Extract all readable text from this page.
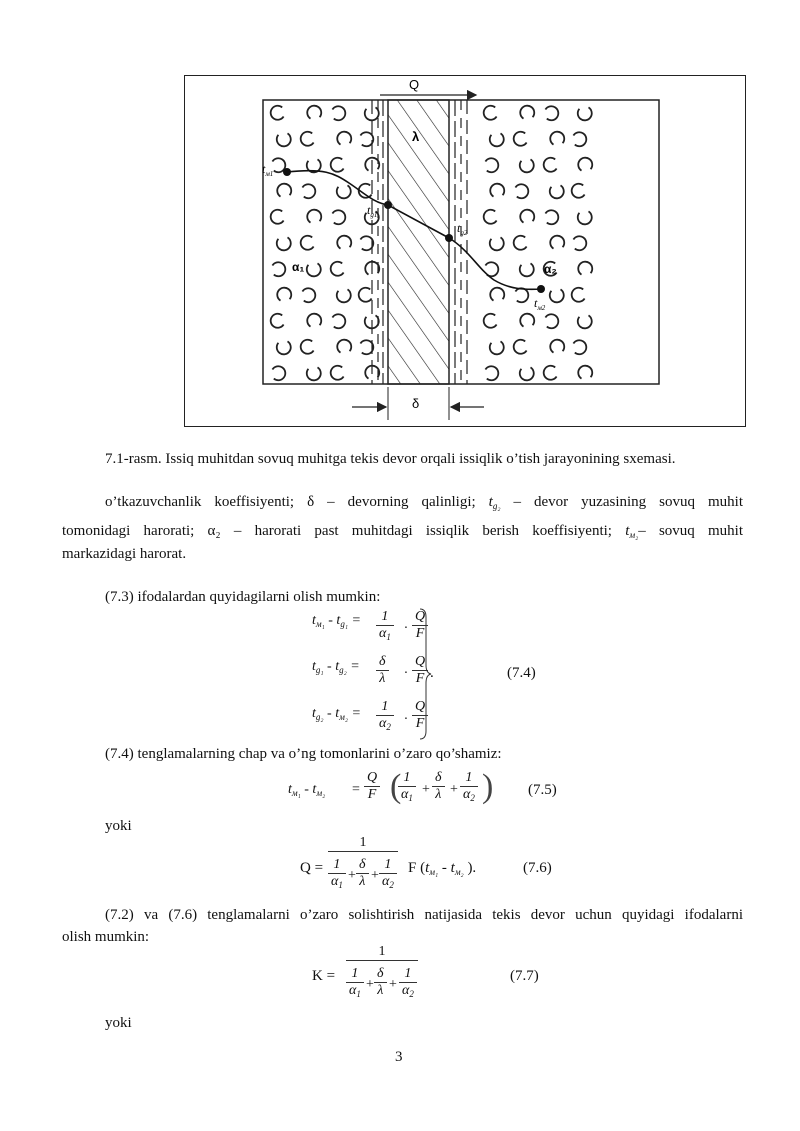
Q
λ
α₁	α₂
$t_{м1}$
$t_{g1}$
$t_{g2}$
$t_{м2}$
δ
7.1-rasm. Issiq muhitdan sovuq muhitga tekis devor orqali issiqlik o’tish jarayonining sxemasi.
o’tkazuvchanlik koeffisiyenti; δ – devorning qalinligi; $t_{g_2}$ – devor yuzasining sovuq muhit
tomonidagi harorati; α₂ – harorati past muhitdagi issiqlik berish koeffisiyenti; $t_{м_2}-$ sovuq muhit
markazidagi harorat.
(7.3) ifodalardan quyidagilarni olish mumkin:
$t_{м_1} - t_{g_1} = \frac{1}{\alpha_1} \cdot \frac{Q}{F}$
$t_{g_1} - t_{g_2} = \frac{\delta}{\lambda} \cdot \frac{Q}{F}$
$t_{g_2} - t_{м_2} = \frac{1}{\alpha_2} \cdot \frac{Q}{F}$
.	(7.4)
(7.4) tenglamalarning chap va o’ng tomonlarini o’zaro qo’shamiz:
$t_{м_1} - t_{м_2} = \frac{Q}{F}$ (
$\frac{1}{\alpha_1} + \frac{\delta}{\lambda} + \frac{1}{\alpha_2}$ ) (7.5)
yoki
Q =
1
$\frac{1}{\alpha_1} + \frac{\delta}{\lambda} + \frac{1}{\alpha_2}$ F ($t_{м_1} - t_{м_2}$ ).	(7.6)
(7.2) va (7.6) tenglamalarni o’zaro solishtirish natijasida tekis devor uchun quyidagi ifodalarni
olish mumkin:
K =
1
$\frac{1}{\alpha_1} + \frac{\delta}{\lambda} + \frac{1}{\alpha_2}$	(7.7)
yoki
3
